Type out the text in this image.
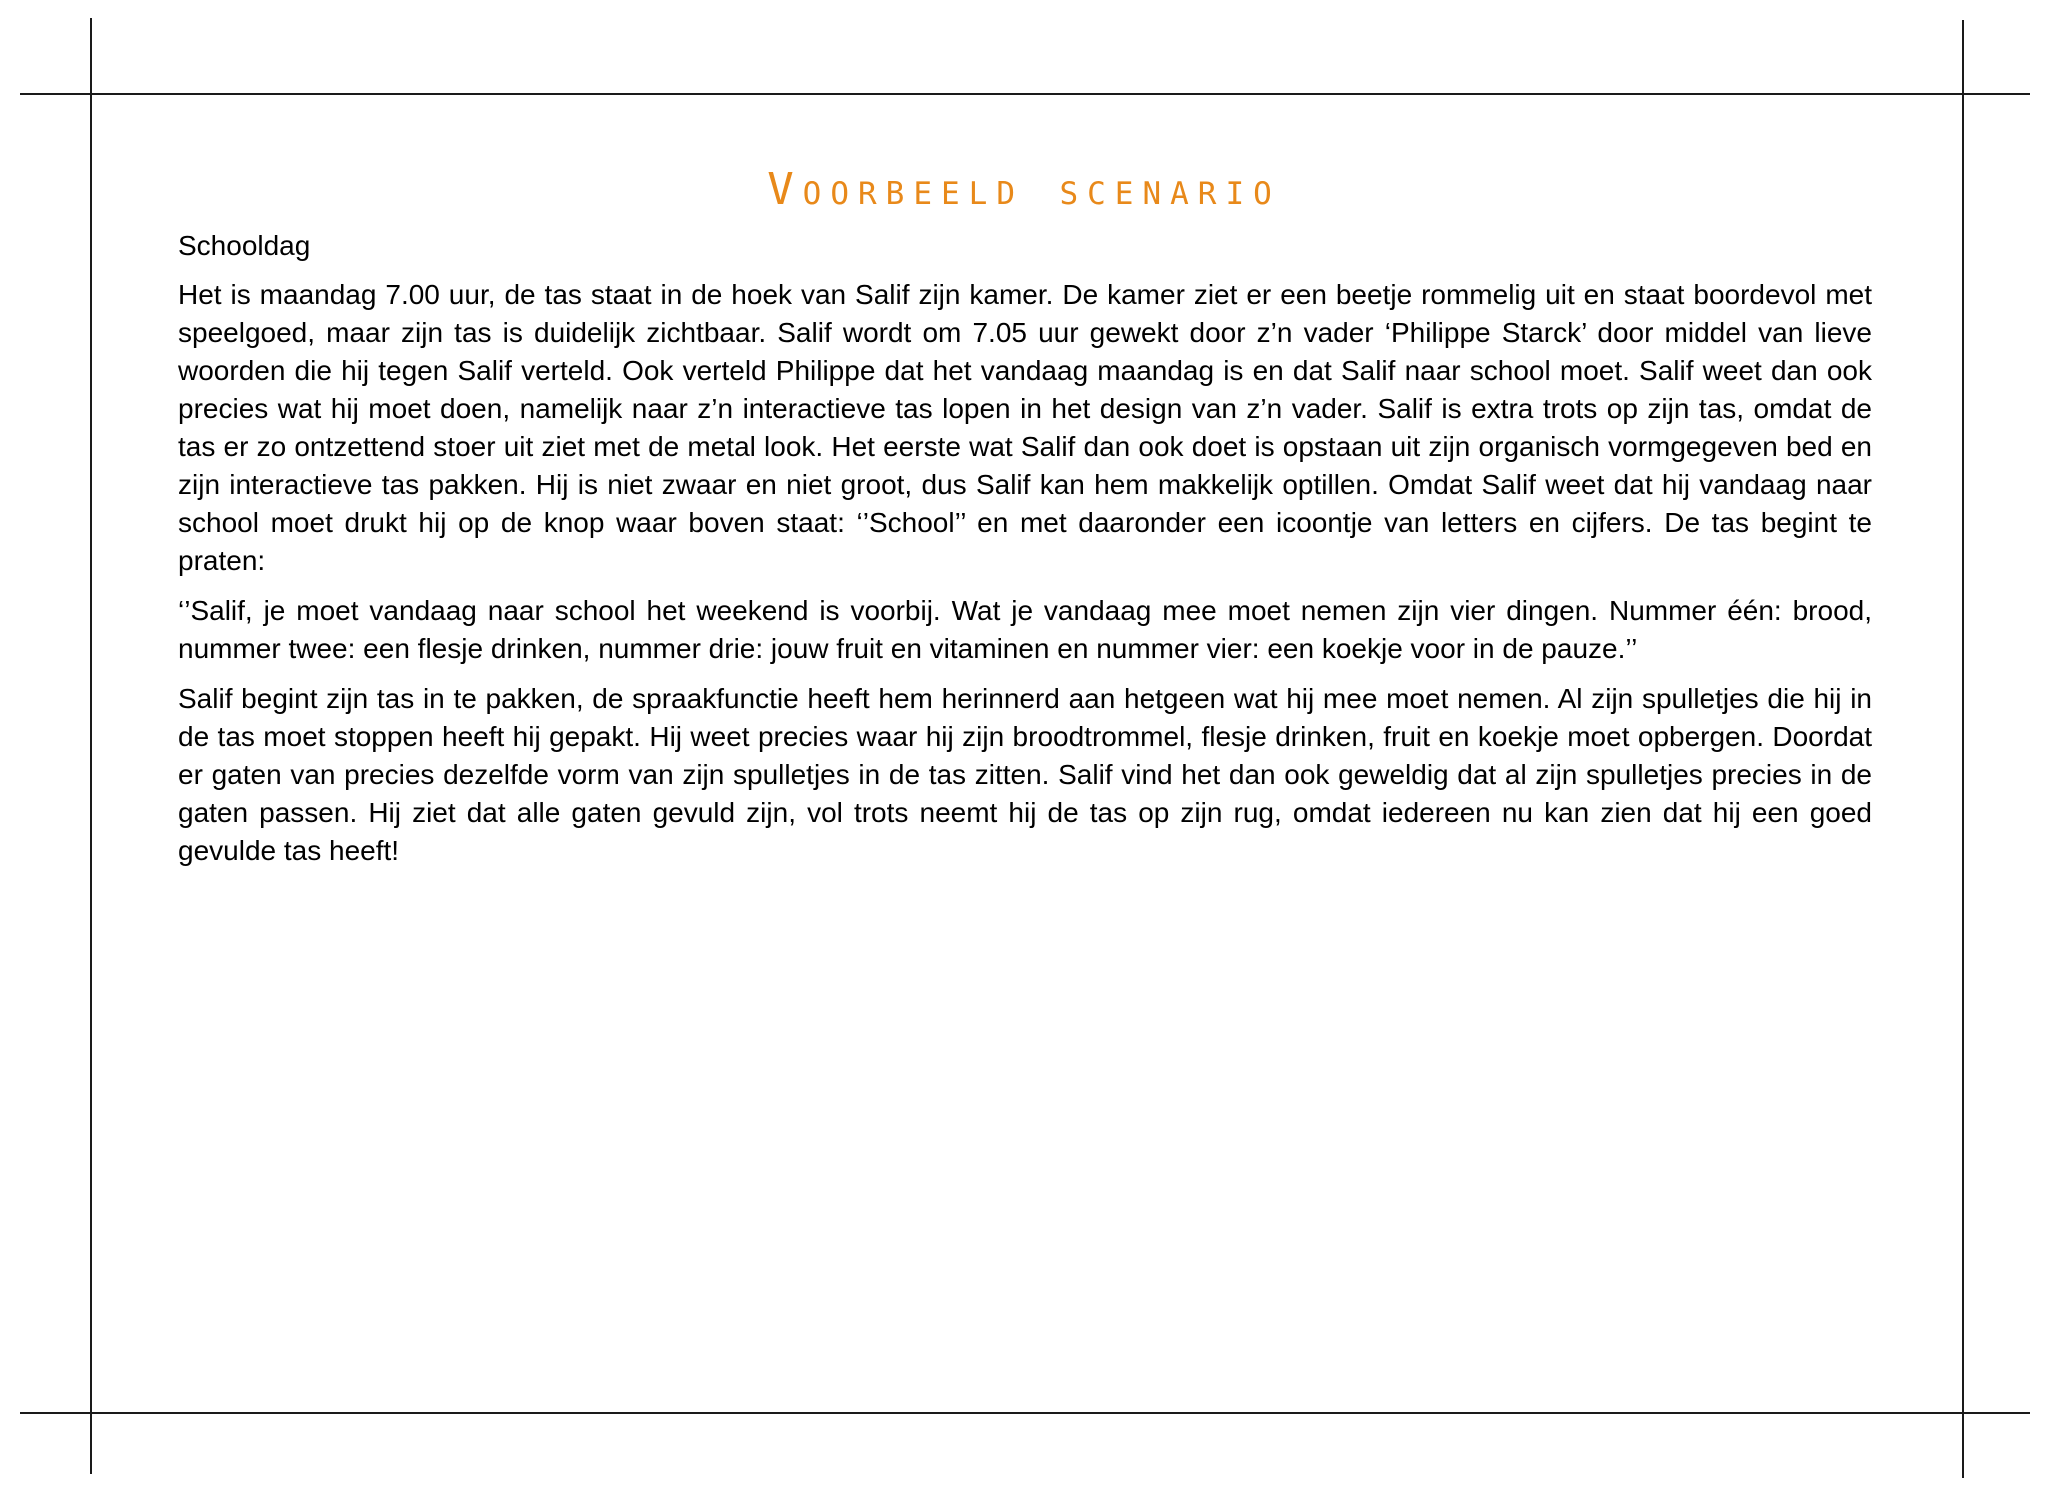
Voorbeeld scenario

Schooldag

Het is maandag 7.00 uur, de tas staat in de hoek van Salif zijn kamer. De kamer ziet er een beetje rommelig uit en staat boordevol met speelgoed, maar zijn tas is duidelijk zichtbaar. Salif wordt om 7.05 uur gewekt door z’n vader ‘Philippe Starck’ door middel van lieve woorden die hij tegen Salif verteld. Ook verteld Philippe dat het vandaag maandag is en dat Salif naar school moet. Salif weet dan ook precies wat hij moet doen, namelijk naar z’n interactieve tas lopen in het design van z’n vader. Salif is extra trots op zijn tas, omdat de tas er zo ontzettend stoer uit ziet met de metal look. Het eerste wat Salif dan ook doet is opstaan uit zijn organisch vormgegeven bed en zijn interactieve tas pakken. Hij is niet zwaar en niet groot, dus Salif kan hem makkelijk optillen. Omdat Salif weet dat hij vandaag naar school moet drukt hij op de knop waar boven staat: ‘’School’’ en met daaronder een icoontje van letters en cijfers. De tas begint te praten:

‘’Salif, je moet vandaag naar school het weekend is voorbij. Wat je vandaag mee moet nemen zijn vier dingen. Nummer één: brood, nummer twee: een flesje drinken, nummer drie: jouw fruit en vitaminen en nummer vier: een koekje voor in de pauze.’’

Salif begint zijn tas in te pakken, de spraakfunctie heeft hem herinnerd aan hetgeen wat hij mee moet nemen. Al zijn spulletjes die hij in de tas moet stoppen heeft hij gepakt. Hij weet precies waar hij zijn broodtrommel, flesje drinken, fruit en koekje moet opbergen. Doordat er gaten van precies dezelfde vorm van zijn spulletjes in de tas zitten. Salif vind het dan ook geweldig dat al zijn spulletjes precies in de gaten passen. Hij ziet dat alle gaten gevuld zijn, vol trots neemt hij de tas op zijn rug, omdat iedereen nu kan zien dat hij een goed gevulde tas heeft!
